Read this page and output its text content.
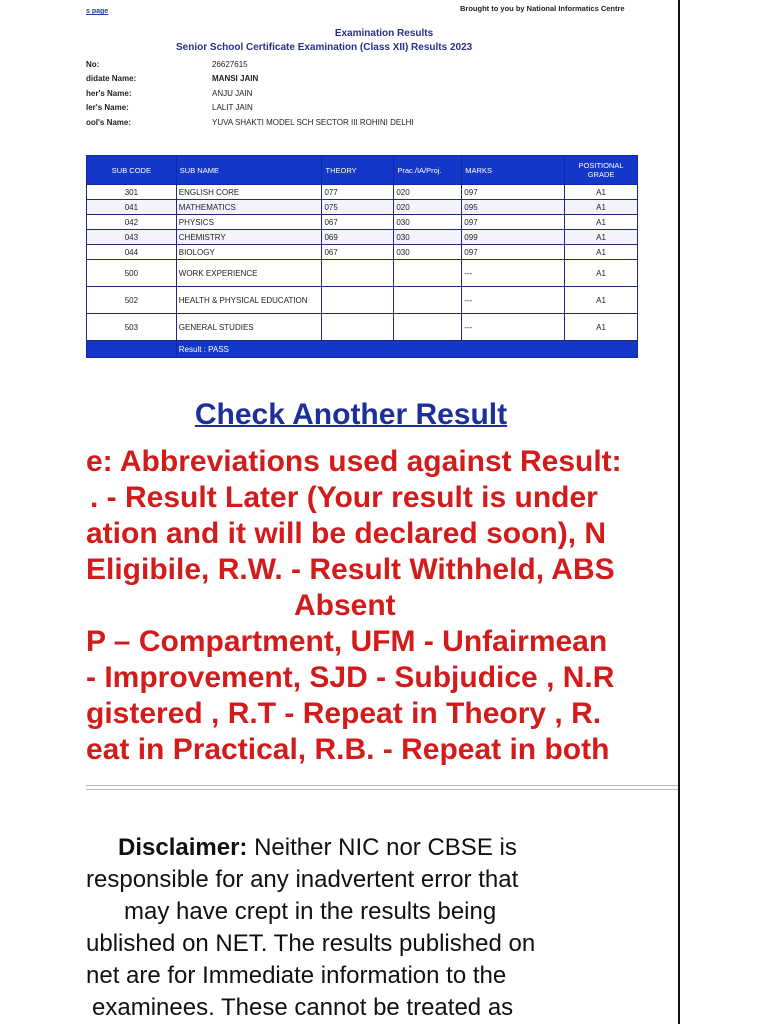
s page	Brought to you by National Informatics Centre
Examination Results
Senior School Certificate Examination (Class XII) Results 2023
No:	26627615
didate Name:	MANSI JAIN
her's Name:	ANJU JAIN
ler's Name:	LALIT JAIN
ool's Name:	YUVA SHAKTI MODEL SCH SECTOR III ROHINI DELHI
SUB CODE	SUB NAME	THEORY	Prac./IA/Proj.	MARKS	POSITIONAL GRADE
301	ENGLISH CORE	077	020	097	A1
041	MATHEMATICS	075	020	095	A1
042	PHYSICS	067	030	097	A1
043	CHEMISTRY	069	030	099	A1
044	BIOLOGY	067	030	097	A1
500	WORK EXPERIENCE			---	A1
502	HEALTH & PHYSICAL EDUCATION			---	A1
503	GENERAL STUDIES			---	A1
	Result : PASS				
Check Another Result
e: Abbreviations used against Result:
. - Result Later (Your result is under
ation and it will be declared soon), N
Eligibile, R.W. - Result Withheld, ABS
Absent
P – Compartment, UFM - Unfairmean
- Improvement, SJD - Subjudice , N.R
gistered , R.T - Repeat in Theory , R.
eat in Practical, R.B. - Repeat in both
Disclaimer: Neither NIC nor CBSE is
responsible for any inadvertent error that
may have crept in the results being
ublished on NET. The results published on
net are for Immediate information to the
examinees. These cannot be treated as
